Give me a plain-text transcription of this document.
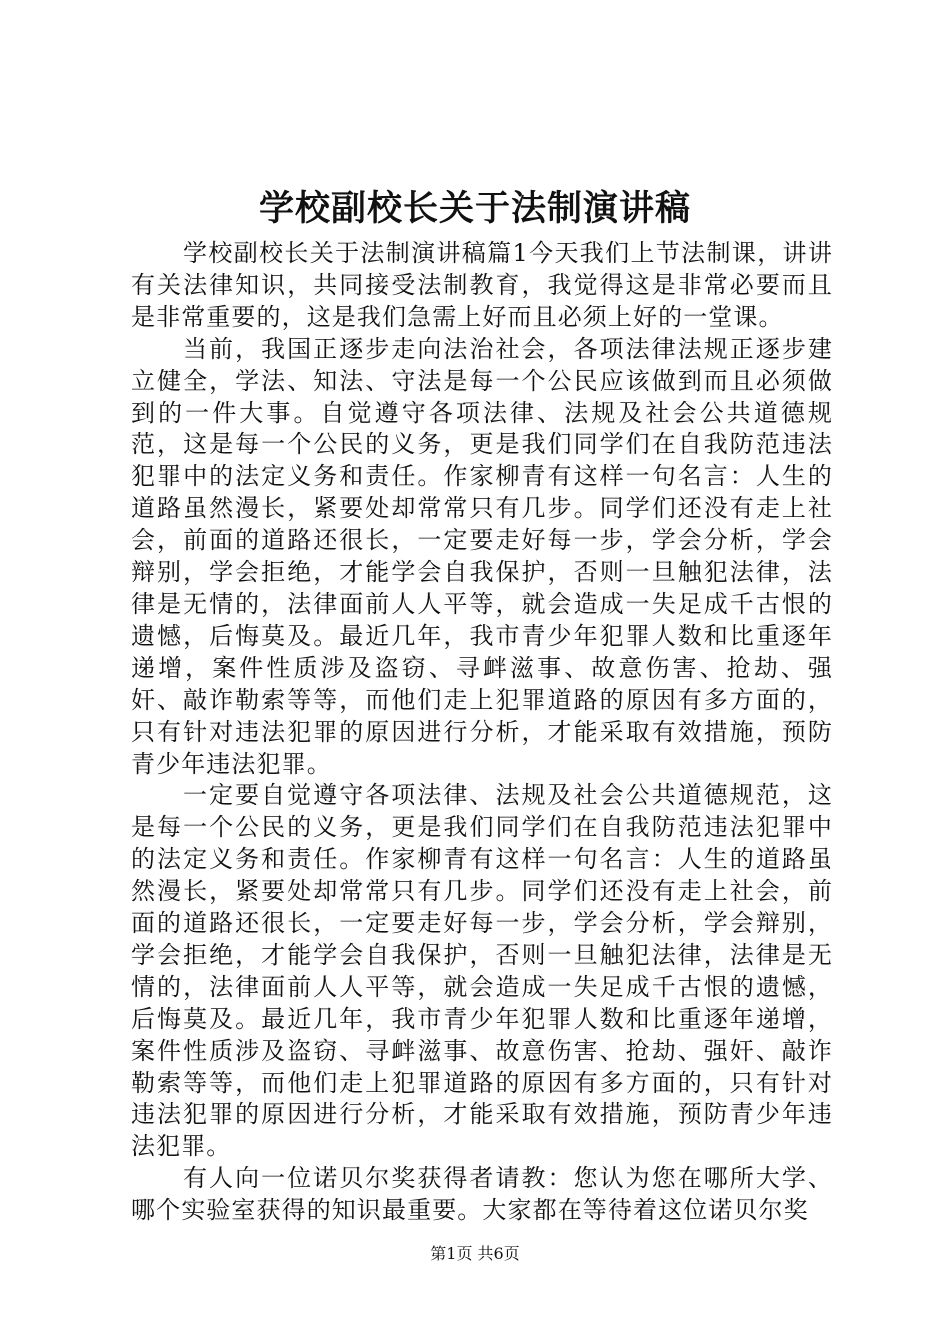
学校副校长关于法制演讲稿

学校副校长关于法制演讲稿篇1今天我们上节法制课，讲讲有关法律知识，共同接受法制教育，我觉得这是非常必要而且是非常重要的，这是我们急需上好而且必须上好的一堂课。

当前，我国正逐步走向法治社会，各项法律法规正逐步建立健全，学法、知法、守法是每一个公民应该做到而且必须做到的一件大事。自觉遵守各项法律、法规及社会公共道德规范，这是每一个公民的义务，更是我们同学们在自我防范违法犯罪中的法定义务和责任。作家柳青有这样一句名言：人生的道路虽然漫长，紧要处却常常只有几步。同学们还没有走上社会，前面的道路还很长，一定要走好每一步，学会分析，学会辩别，学会拒绝，才能学会自我保护，否则一旦触犯法律，法律是无情的，法律面前人人平等，就会造成一失足成千古恨的遗憾，后悔莫及。最近几年，我市青少年犯罪人数和比重逐年递增，案件性质涉及盗窃、寻衅滋事、故意伤害、抢劫、强奸、敲诈勒索等等，而他们走上犯罪道路的原因有多方面的，只有针对违法犯罪的原因进行分析，才能采取有效措施，预防青少年违法犯罪。

一定要自觉遵守各项法律、法规及社会公共道德规范，这是每一个公民的义务，更是我们同学们在自我防范违法犯罪中的法定义务和责任。作家柳青有这样一句名言：人生的道路虽然漫长，紧要处却常常只有几步。同学们还没有走上社会，前面的道路还很长，一定要走好每一步，学会分析，学会辩别，学会拒绝，才能学会自我保护，否则一旦触犯法律，法律是无情的，法律面前人人平等，就会造成一失足成千古恨的遗憾，后悔莫及。最近几年，我市青少年犯罪人数和比重逐年递增，案件性质涉及盗窃、寻衅滋事、故意伤害、抢劫、强奸、敲诈勒索等等，而他们走上犯罪道路的原因有多方面的，只有针对违法犯罪的原因进行分析，才能采取有效措施，预防青少年违法犯罪。

有人向一位诺贝尔奖获得者请教：您认为您在哪所大学、哪个实验室获得的知识最重要。大家都在等待着这位诺贝尔奖

第1页 共6页
